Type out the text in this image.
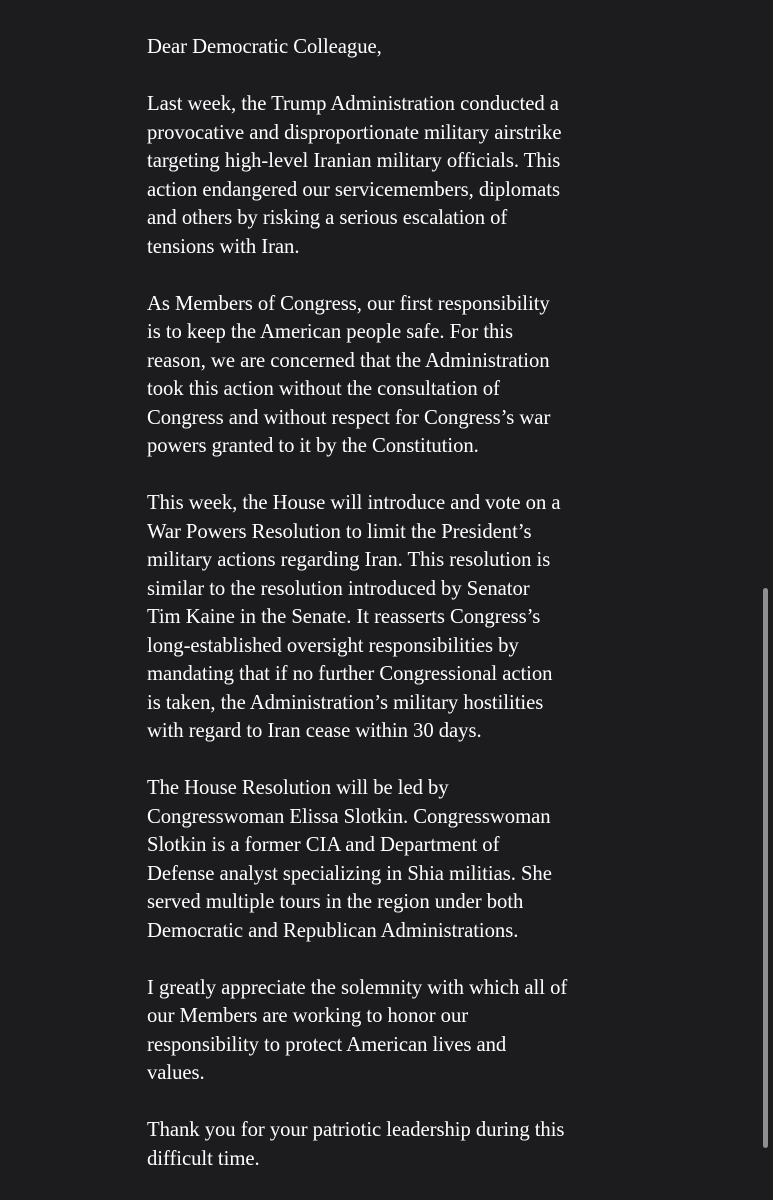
Dear Democratic Colleague,

Last week, the Trump Administration conducted a
provocative and disproportionate military airstrike
targeting high-level Iranian military officials. This
action endangered our servicemembers, diplomats
and others by risking a serious escalation of
tensions with Iran.

As Members of Congress, our first responsibility
is to keep the American people safe. For this
reason, we are concerned that the Administration
took this action without the consultation of
Congress and without respect for Congress’s war
powers granted to it by the Constitution.

This week, the House will introduce and vote on a
War Powers Resolution to limit the President’s
military actions regarding Iran. This resolution is
similar to the resolution introduced by Senator
Tim Kaine in the Senate. It reasserts Congress’s
long-established oversight responsibilities by
mandating that if no further Congressional action
is taken, the Administration’s military hostilities
with regard to Iran cease within 30 days.

The House Resolution will be led by
Congresswoman Elissa Slotkin. Congresswoman
Slotkin is a former CIA and Department of
Defense analyst specializing in Shia militias. She
served multiple tours in the region under both
Democratic and Republican Administrations.

I greatly appreciate the solemnity with which all of
our Members are working to honor our
responsibility to protect American lives and
values.

Thank you for your patriotic leadership during this
difficult time.
